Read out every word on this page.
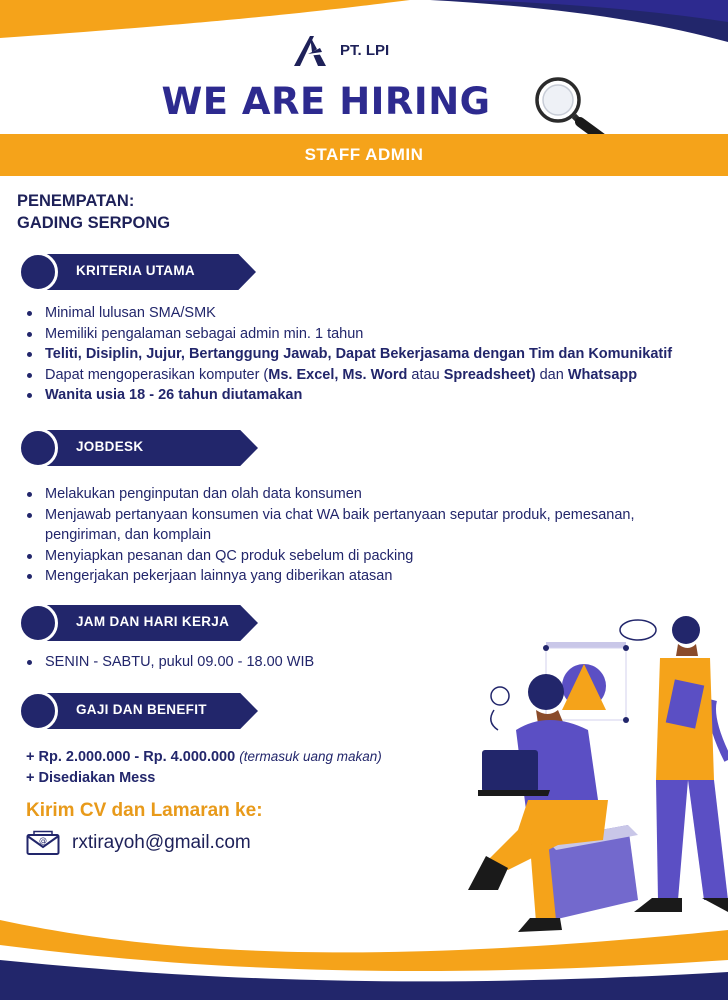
PT. LPI
WE ARE HIRING
STAFF ADMIN
PENEMPATAN:
GADING SERPONG
KRITERIA UTAMA
Minimal lulusan SMA/SMK
Memiliki pengalaman sebagai admin min. 1 tahun
Teliti, Disiplin, Jujur, Bertanggung Jawab, Dapat Bekerjasama dengan Tim dan Komunikatif
Dapat mengoperasikan komputer (Ms. Excel, Ms. Word atau Spreadsheet) dan Whatsapp
Wanita usia 18 - 26 tahun diutamakan
JOBDESK
Melakukan penginputan dan olah data konsumen
Menjawab pertanyaan konsumen via chat WA baik pertanyaan seputar produk, pemesanan, pengiriman, dan komplain
Menyiapkan pesanan dan QC produk sebelum di packing
Mengerjakan pekerjaan lainnya yang diberikan atasan
JAM DAN HARI KERJA
SENIN - SABTU, pukul 09.00 - 18.00 WIB
GAJI DAN BENEFIT
+ Rp. 2.000.000 - Rp. 4.000.000 (termasuk uang makan)
+ Disediakan Mess
Kirim CV dan Lamaran ke:
@ rxtirayoh@gmail.com
